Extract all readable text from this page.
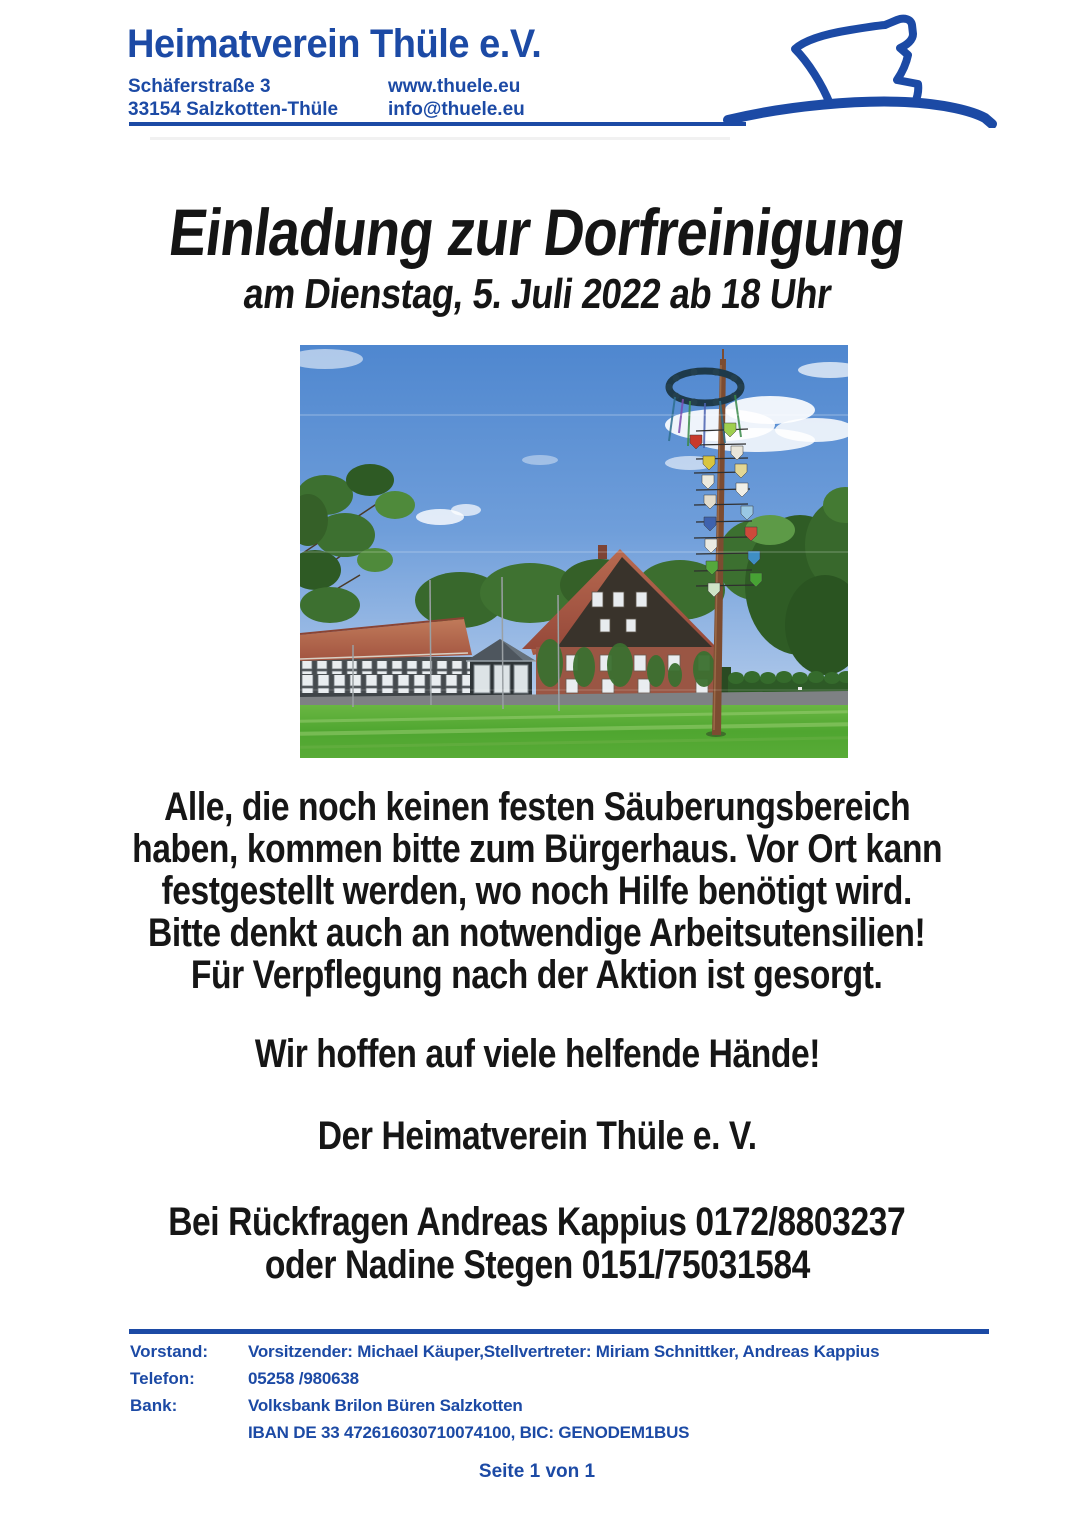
Heimatverein Thüle e.V.
Schäferstraße 3
33154 Salzkotten-Thüle
www.thuele.eu
info@thuele.eu
Einladung zur Dorfreinigung
am Dienstag, 5. Juli 2022 ab 18 Uhr
Alle, die noch keinen festen Säuberungsbereich
haben, kommen bitte zum Bürgerhaus. Vor Ort kann
festgestellt werden, wo noch Hilfe benötigt wird.
Bitte denkt auch an notwendige Arbeitsutensilien!
Für Verpflegung nach der Aktion ist gesorgt.
Wir hoffen auf viele helfende Hände!
Der Heimatverein Thüle e. V.
Bei Rückfragen Andreas Kappius 0172/8803237
oder Nadine Stegen 0151/75031584
Vorstand: Vorsitzender: Michael Käuper,Stellvertreter: Miriam Schnittker, Andreas Kappius
Telefon:	05258 /980638
Bank:	Volksbank Brilon Büren Salzkotten
IBAN DE 33 472616030710074100, BIC: GENODEM1BUS
Seite 1 von 1
